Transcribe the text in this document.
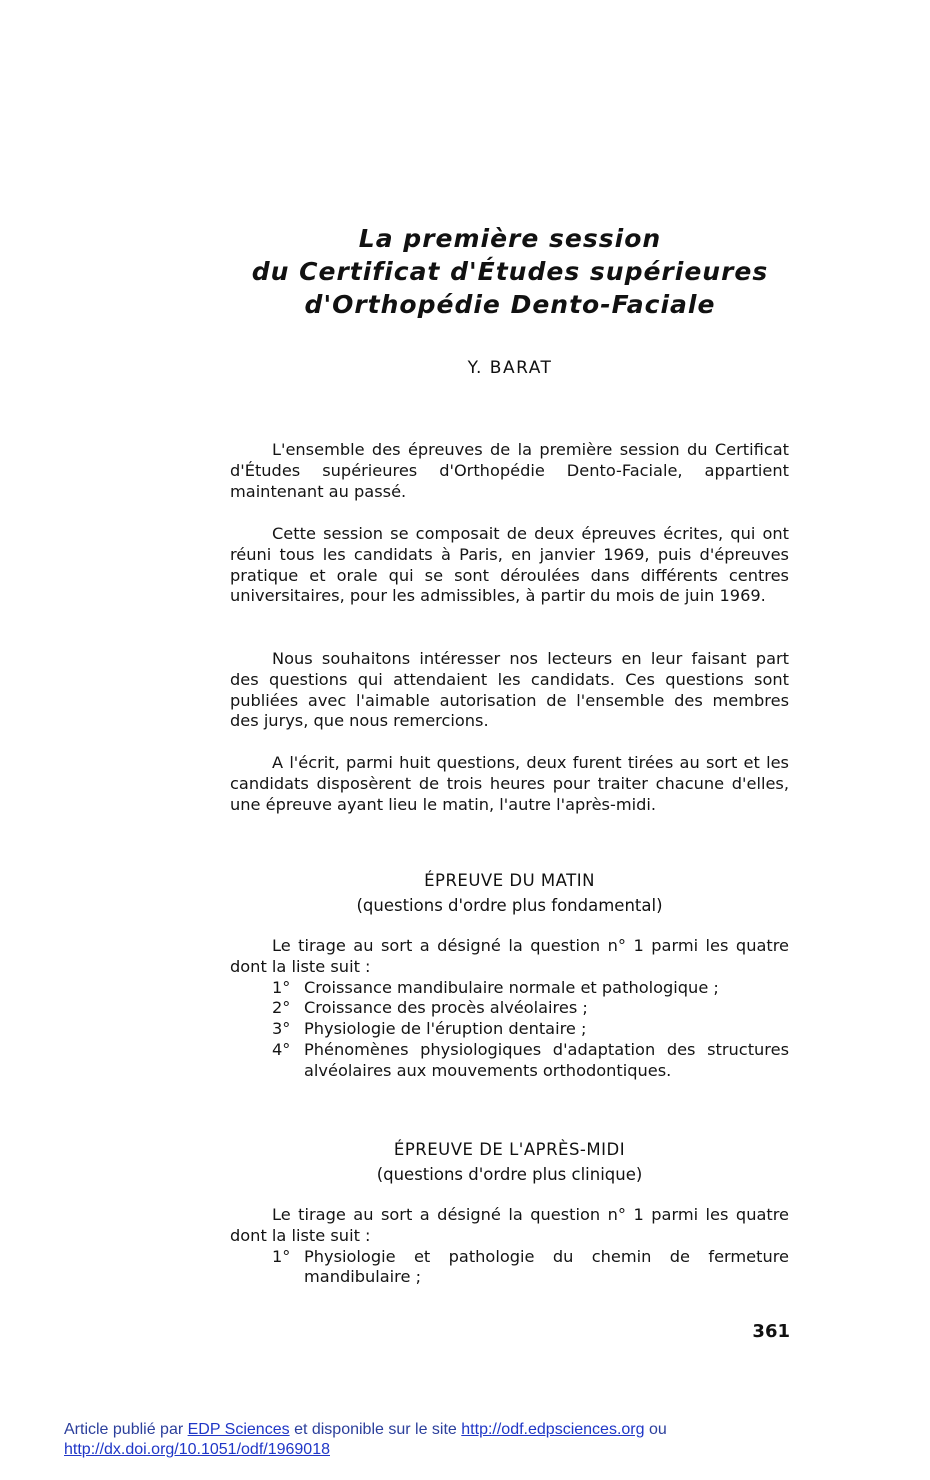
La première session
du Certificat d'Études supérieures
d'Orthopédie Dento-Faciale
Y. BARAT

L'ensemble des épreuves de la première session du Certificat d'Études supérieures d'Orthopédie Dento-Faciale, appartient maintenant au passé.

Cette session se composait de deux épreuves écrites, qui ont réuni tous les candidats à Paris, en janvier 1969, puis d'épreuves pratique et orale qui se sont déroulées dans différents centres universitaires, pour les admissibles, à partir du mois de juin 1969.

Nous souhaitons intéresser nos lecteurs en leur faisant part des questions qui attendaient les candidats. Ces questions sont publiées avec l'aimable autorisation de l'ensemble des membres des jurys, que nous remercions.

A l'écrit, parmi huit questions, deux furent tirées au sort et les candidats disposèrent de trois heures pour traiter chacune d'elles, une épreuve ayant lieu le matin, l'autre l'après-midi.

ÉPREUVE DU MATIN
(questions d'ordre plus fondamental)

Le tirage au sort a désigné la question n° 1 parmi les quatre dont la liste suit :

1° Croissance mandibulaire normale et pathologique ;
2° Croissance des procès alvéolaires ;
3° Physiologie de l'éruption dentaire ;
4° Phénomènes physiologiques d'adaptation des structures alvéolaires aux mouvements orthodontiques.
ÉPREUVE DE L'APRÈS-MIDI
(questions d'ordre plus clinique)

Le tirage au sort a désigné la question n° 1 parmi les quatre dont la liste suit :

1° Physiologie et pathologie du chemin de fermeture mandibulaire ;
361
Article publié par EDP Sciences et disponible sur le site http://odf.edpsciences.org ou
http://dx.doi.org/10.1051/odf/1969018
